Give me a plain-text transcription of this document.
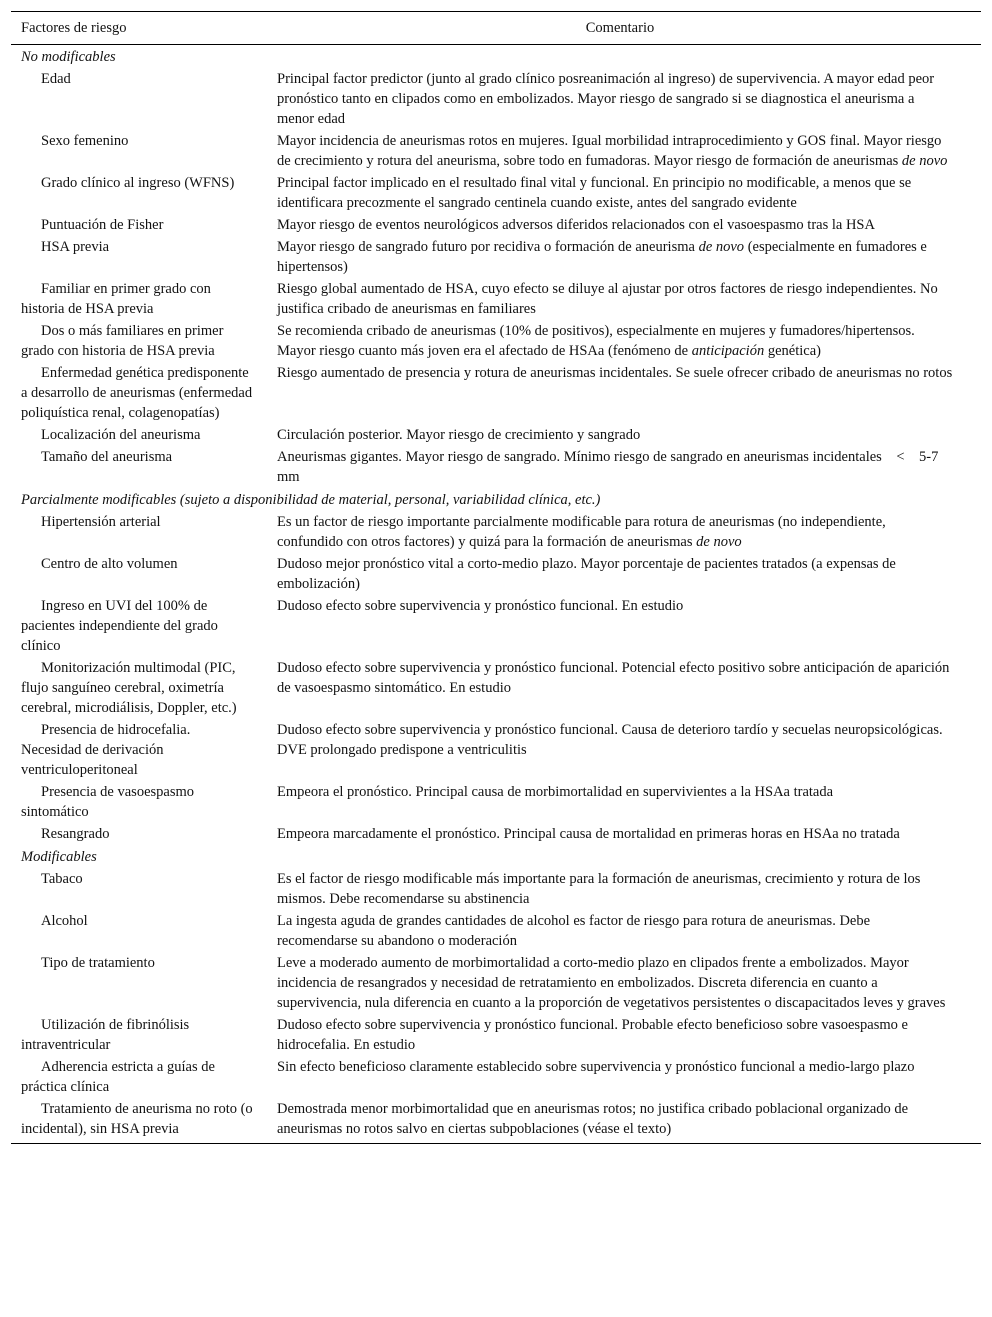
Factores de riesgo	Comentario
No modificables	
Edad	Principal factor predictor (junto al grado clínico posreanimación al ingreso) de supervivencia. A mayor edad peor pronóstico tanto en clipados como en embolizados. Mayor riesgo de sangrado si se diagnostica el aneurisma a menor edad
Sexo femenino	Mayor incidencia de aneurismas rotos en mujeres. Igual morbilidad intraprocedimiento y GOS final. Mayor riesgo de crecimiento y rotura del aneurisma, sobre todo en fumadoras. Mayor riesgo de formación de aneurismas de novo
Grado clínico al ingreso (WFNS)	Principal factor implicado en el resultado final vital y funcional. En principio no modificable, a menos que se identificara precozmente el sangrado centinela cuando existe, antes del sangrado evidente
Puntuación de Fisher	Mayor riesgo de eventos neurológicos adversos diferidos relacionados con el vasoespasmo tras la HSA
HSA previa	Mayor riesgo de sangrado futuro por recidiva o formación de aneurisma de novo (especialmente en fumadores e hipertensos)
Familiar en primer grado con historia de HSA previa	Riesgo global aumentado de HSA, cuyo efecto se diluye al ajustar por otros factores de riesgo independientes. No justifica cribado de aneurismas en familiares
Dos o más familiares en primer grado con historia de HSA previa	Se recomienda cribado de aneurismas (10% de positivos), especialmente en mujeres y fumadores/hipertensos. Mayor riesgo cuanto más joven era el afectado de HSAa (fenómeno de anticipación genética)
Enfermedad genética predisponente a desarrollo de aneurismas (enfermedad poliquística renal, colagenopatías)	Riesgo aumentado de presencia y rotura de aneurismas incidentales. Se suele ofrecer cribado de aneurismas no rotos
Localización del aneurisma	Circulación posterior. Mayor riesgo de crecimiento y sangrado
Tamaño del aneurisma	Aneurismas gigantes. Mayor riesgo de sangrado. Mínimo riesgo de sangrado en aneurismas incidentales < 5-7 mm
Parcialmente modificables (sujeto a disponibilidad de material, personal, variabilidad clínica, etc.)	
Hipertensión arterial	Es un factor de riesgo importante parcialmente modificable para rotura de aneurismas (no independiente, confundido con otros factores) y quizá para la formación de aneurismas de novo
Centro de alto volumen	Dudoso mejor pronóstico vital a corto-medio plazo. Mayor porcentaje de pacientes tratados (a expensas de embolización)
Ingreso en UVI del 100% de pacientes independiente del grado clínico	Dudoso efecto sobre supervivencia y pronóstico funcional. En estudio
Monitorización multimodal (PIC, flujo sanguíneo cerebral, oximetría cerebral, microdiálisis, Doppler, etc.)	Dudoso efecto sobre supervivencia y pronóstico funcional. Potencial efecto positivo sobre anticipación de aparición de vasoespasmo sintomático. En estudio
Presencia de hidrocefalia. Necesidad de derivación ventriculoperitoneal	Dudoso efecto sobre supervivencia y pronóstico funcional. Causa de deterioro tardío y secuelas neuropsicológicas. DVE prolongado predispone a ventriculitis
Presencia de vasoespasmo sintomático	Empeora el pronóstico. Principal causa de morbimortalidad en supervivientes a la HSAa tratada
Resangrado	Empeora marcadamente el pronóstico. Principal causa de mortalidad en primeras horas en HSAa no tratada
Modificables	
Tabaco	Es el factor de riesgo modificable más importante para la formación de aneurismas, crecimiento y rotura de los mismos. Debe recomendarse su abstinencia
Alcohol	La ingesta aguda de grandes cantidades de alcohol es factor de riesgo para rotura de aneurismas. Debe recomendarse su abandono o moderación
Tipo de tratamiento	Leve a moderado aumento de morbimortalidad a corto-medio plazo en clipados frente a embolizados. Mayor incidencia de resangrados y necesidad de retratamiento en embolizados. Discreta diferencia en cuanto a supervivencia, nula diferencia en cuanto a la proporción de vegetativos persistentes o discapacitados leves y graves
Utilización de fibrinólisis intraventricular	Dudoso efecto sobre supervivencia y pronóstico funcional. Probable efecto beneficioso sobre vasoespasmo e hidrocefalia. En estudio
Adherencia estricta a guías de práctica clínica	Sin efecto beneficioso claramente establecido sobre supervivencia y pronóstico funcional a medio-largo plazo
Tratamiento de aneurisma no roto (o incidental), sin HSA previa	Demostrada menor morbimortalidad que en aneurismas rotos; no justifica cribado poblacional organizado de aneurismas no rotos salvo en ciertas subpoblaciones (véase el texto)
